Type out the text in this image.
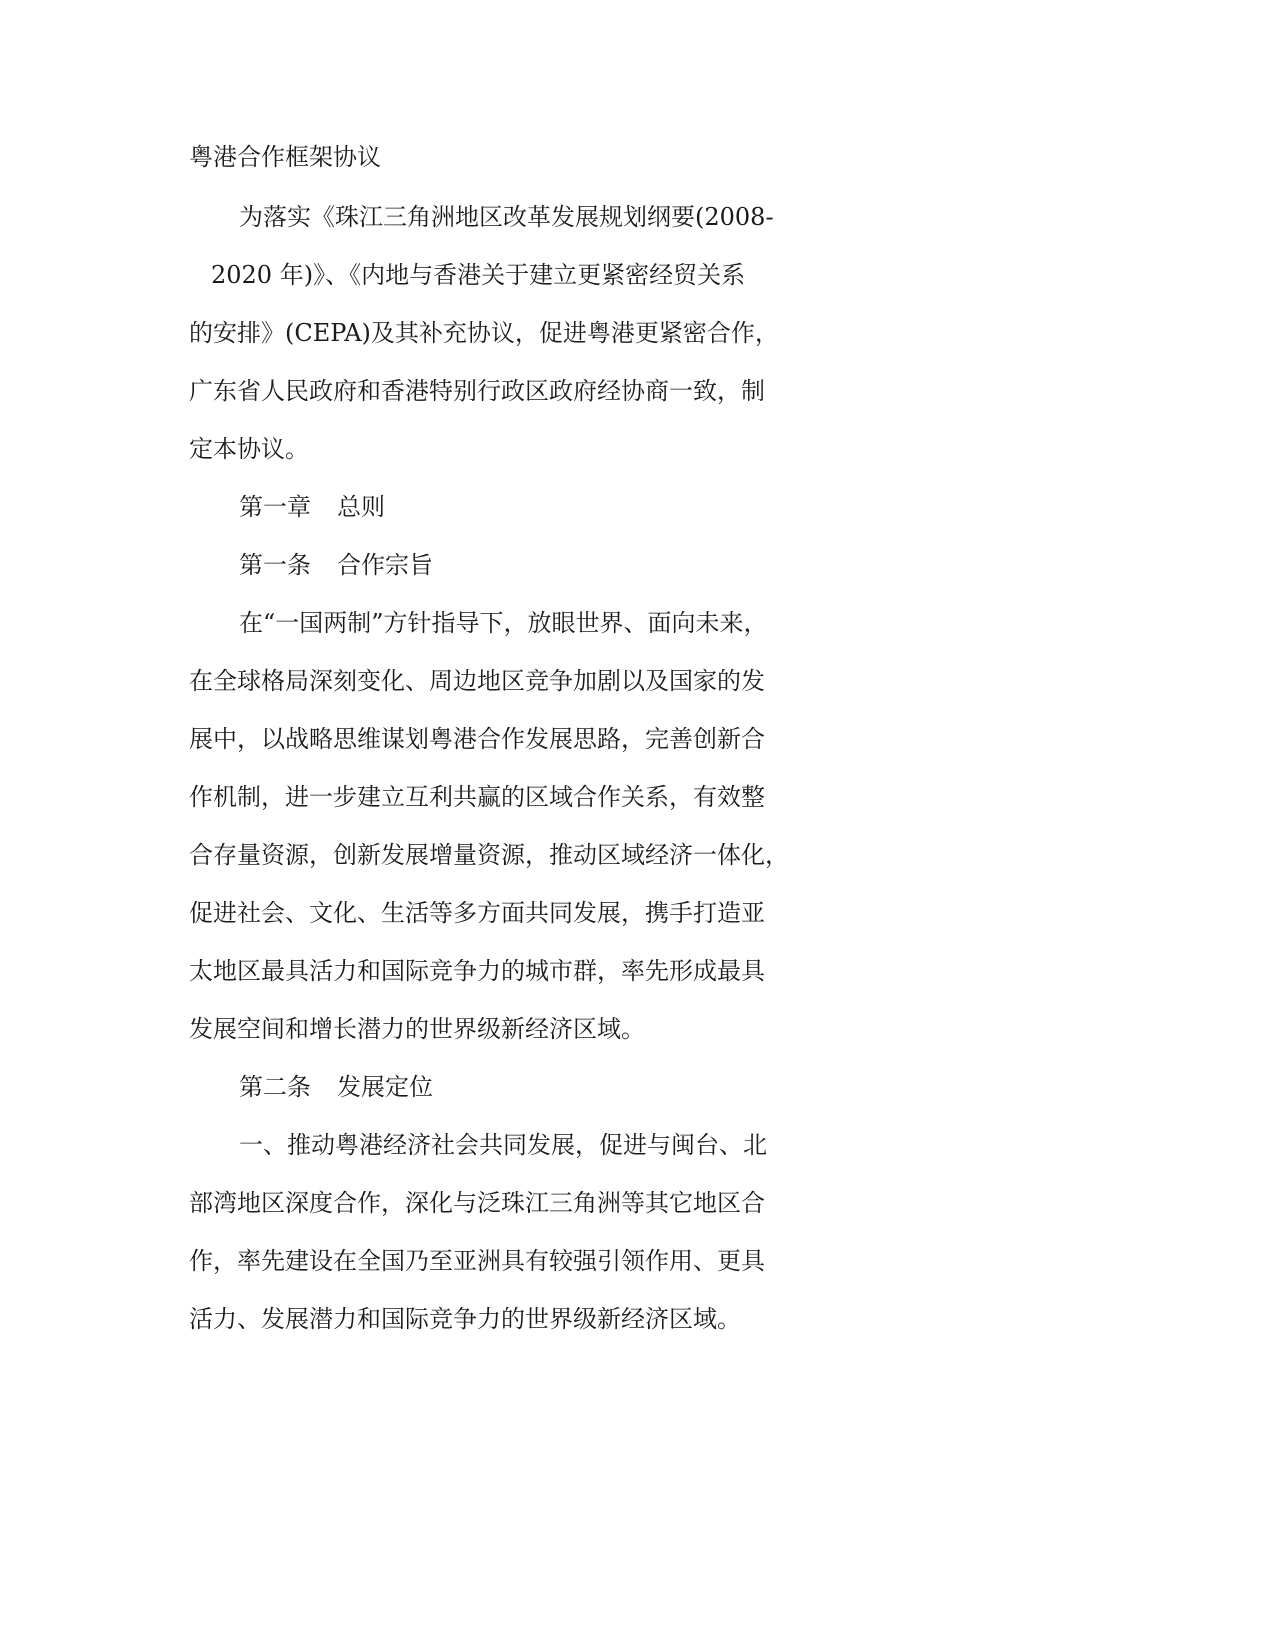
粤港合作框架协议
为落实《珠江三角洲地区改革发展规划纲要(2008-
2020 年)》、《内地与香港关于建立更紧密经贸关系
的安排》(CEPA)及其补充协议，促进粤港更紧密合作，
广东省人民政府和香港特别行政区政府经协商一致，制
定本协议。
第一章 总则
第一条 合作宗旨
在“一国两制”方针指导下，放眼世界、面向未来，
在全球格局深刻变化、周边地区竞争加剧以及国家的发
展中，以战略思维谋划粤港合作发展思路，完善创新合
作机制，进一步建立互利共赢的区域合作关系，有效整
合存量资源，创新发展增量资源，推动区域经济一体化，
促进社会、文化、生活等多方面共同发展，携手打造亚
太地区最具活力和国际竞争力的城市群，率先形成最具
发展空间和增长潜力的世界级新经济区域。
第二条 发展定位
一、推动粤港经济社会共同发展，促进与闽台、北
部湾地区深度合作，深化与泛珠江三角洲等其它地区合
作，率先建设在全国乃至亚洲具有较强引领作用、更具
活力、发展潜力和国际竞争力的世界级新经济区域。
